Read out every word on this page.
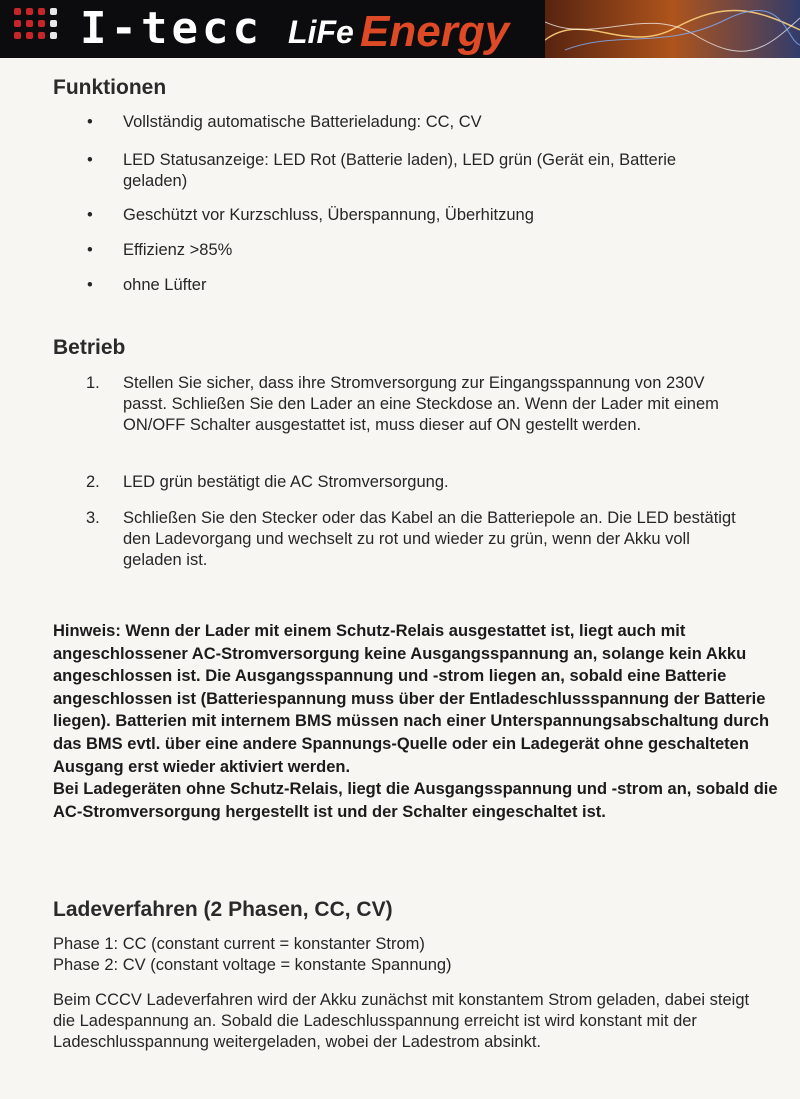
I-tecc LiFe Energy
Funktionen
• Vollständig automatische Batterieladung: CC, CV
• LED Statusanzeige: LED Rot (Batterie laden), LED grün (Gerät ein, Batterie geladen)
• Geschützt vor Kurzschluss, Überspannung, Überhitzung
• Effizienz >85%
• ohne Lüfter
Betrieb
1. Stellen Sie sicher, dass ihre Stromversorgung zur Eingangsspannung von 230V passt. Schließen Sie den Lader an eine Steckdose an. Wenn der Lader mit einem ON/OFF Schalter ausgestattet ist, muss dieser auf ON gestellt werden.
2. LED grün bestätigt die AC Stromversorgung.
3. Schließen Sie den Stecker oder das Kabel an die Batteriepole an. Die LED bestätigt den Ladevorgang und wechselt zu rot und wieder zu grün, wenn der Akku voll geladen ist.

Hinweis: Wenn der Lader mit einem Schutz-Relais ausgestattet ist, liegt auch mit angeschlossener AC-Stromversorgung keine Ausgangsspannung an, solange kein Akku angeschlossen ist. Die Ausgangsspannung und -strom liegen an, sobald eine Batterie angeschlossen ist (Batteriespannung muss über der Entladeschlussspannung der Batterie liegen). Batterien mit internem BMS müssen nach einer Unterspannungsabschaltung durch das BMS evtl. über eine andere Spannungs-Quelle oder ein Ladegerät ohne geschalteten Ausgang erst wieder aktiviert werden.

Bei Ladegeräten ohne Schutz-Relais, liegt die Ausgangsspannung und -strom an, sobald die AC-Stromversorgung hergestellt ist und der Schalter eingeschaltet ist.

Ladeverfahren (2 Phasen, CC, CV)

Phase 1: CC (constant current = konstanter Strom)

Phase 2: CV (constant voltage = konstante Spannung)

Beim CCCV Ladeverfahren wird der Akku zunächst mit konstantem Strom geladen, dabei steigt die Ladespannung an. Sobald die Ladeschlusspannung erreicht ist wird konstant mit der Ladeschlusspannung weitergeladen, wobei der Ladestrom absinkt.
